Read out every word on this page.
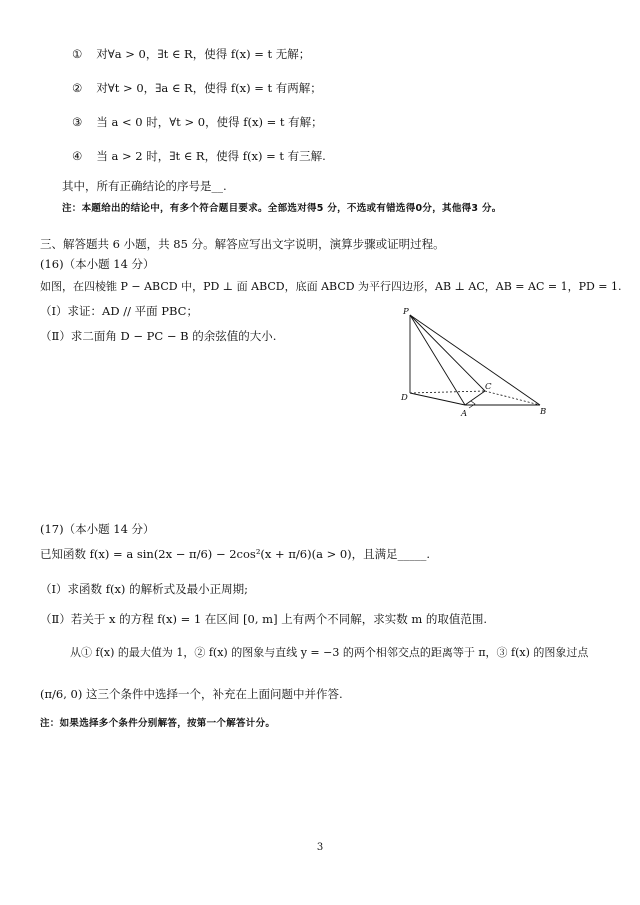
① 对∀a > 0，∃t ∈ R，使得 f(x) = t 无解；
② 对∀t > 0，∃a ∈ R，使得 f(x) = t 有两解；
③ 当 a < 0 时，∀t > 0，使得 f(x) = t 有解；
④ 当 a > 2 时，∃t ∈ R，使得 f(x) = t 有三解.
其中，所有正确结论的序号是__.
注：本题给出的结论中，有多个符合题目要求。全部选对得5 分，不选或有错选得0分，其他得3 分。
三、解答题共 6 小题，共 85 分。解答应写出文字说明，演算步骤或证明过程。
(16)（本小题 14 分）
如图，在四棱锥 P − ABCD 中，PD ⊥ 面 ABCD，底面 ABCD 为平行四边形，AB ⊥ AC，AB = AC = 1，PD = 1.
（Ⅰ）求证：AD // 平面 PBC；
（Ⅱ）求二面角 D − PC − B 的余弦值的大小.
P
D
A	B
C
(17)（本小题 14 分）
已知函数 f(x) = a sin(2x − π/6) − 2cos²(x + π/6)(a > 0)，且满足_____.
（Ⅰ）求函数 f(x) 的解析式及最小正周期;
（Ⅱ）若关于 x 的方程 f(x) = 1 在区间 [0, m] 上有两个不同解，求实数 m 的取值范围.
从① f(x) 的最大值为 1，② f(x) 的图象与直线 y = −3 的两个相邻交点的距离等于 π，③ f(x) 的图象过点
(π/6, 0) 这三个条件中选择一个，补充在上面问题中并作答.
注：如果选择多个条件分别解答，按第一个解答计分。
3
